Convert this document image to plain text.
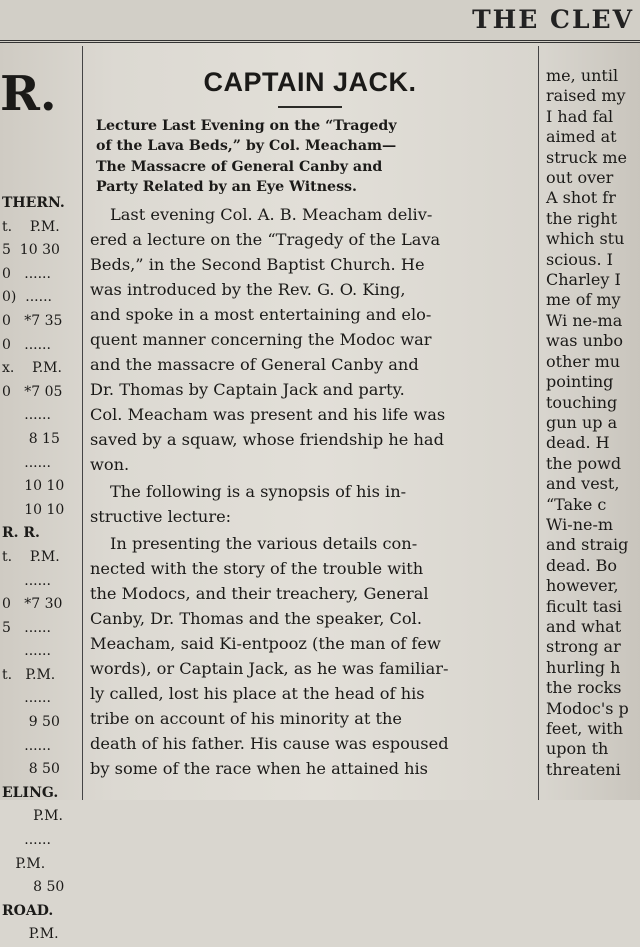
THE CLEV
R.
THERN.
t.    P.M.
5  10 30
0   ......
0)  ......
0   *7 35
0   ......
x.    P.M.
0   *7 05
......
8 15
......
10 10
10 10
R. R.
t.    P.M.
......
0   *7 30
5   ......
......
t.   P.M.
......
9 50
......
8 50
ELING.
P.M.
......
P.M.
8 50
ROAD.
P.M.
CAPTAIN JACK.
Lecture Last Evening on the “Tragedy
of the Lava Beds,” by Col. Meacham—
The Massacre of General Canby and
Party Related by an Eye Witness.
Last evening Col. A. B. Meacham deliv-
ered a lecture on the “Tragedy of the Lava
Beds,” in the Second Baptist Church. He
was introduced by the Rev. G. O. King,
and spoke in a most entertaining and elo-
quent manner concerning the Modoc war
and the massacre of General Canby and
Dr. Thomas by Captain Jack and party.
Col. Meacham was present and his life was
saved by a squaw, whose friendship he had
won.
The following is a synopsis of his in-
structive lecture:
In presenting the various details con-
nected with the story of the trouble with
the Modocs, and their treachery, General
Canby, Dr. Thomas and the speaker, Col.
Meacham, said Ki-entpooz (the man of few
words), or Captain Jack, as he was familiar-
ly called, lost his place at the head of his
tribe on account of his minority at the
death of his father. His cause was espoused
by some of the race when he attained his
me, until
raised my
I had fal
aimed at
struck me
out over
A shot fr
the right
which stu
scious. I
Charley I
me of my
Wi ne-ma
was unbo
other mu
pointing
touching
gun up a
dead. H
the powd
and vest,
“Take c
Wi-ne-m
and straig
dead. Bo
however,
ficult tasi
and what
strong ar
hurling h
the rocks
Modoc's p
feet, with
upon th
threateni
